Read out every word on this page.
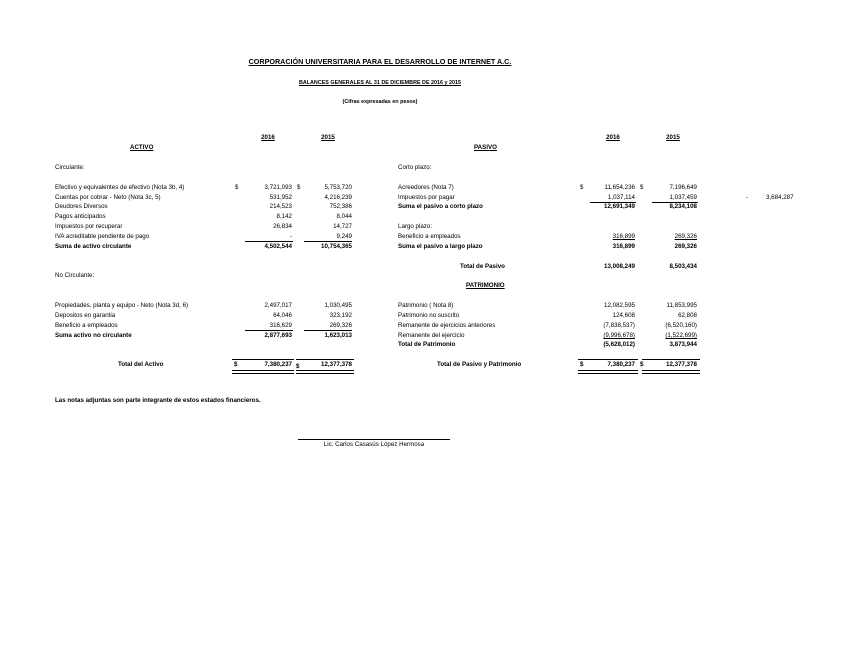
CORPORACIÓN UNIVERSITARIA PARA EL DESARROLLO DE INTERNET A.C.
BALANCES GENERALES AL 31 DE DICIEMBRE DE 2016 y 2015
(Cifras expresadas en pesos)
2016	2015	2016	2015
ACTIVO	PASIVO
Circulante:
$	$
Efectivo y equivalentes de efectivo (Nota 3b, 4)	3,721,093	5,753,720
Cuentas por cobrar - Neto (Nota 3c, 5)	531,952	4,216,239
Deudores Diversos	214,523	752,386
Pagos anticipados	8,142	8,044
Impuestos por recuperar	26,834	14,727
IVA acreditable pendiente de pago	-	9,249
Suma de activo circulante	4,502,544	10,754,365
No Circulante:
Propiedades, planta y equipo - Neto (Nota 3d, 6)	2,497,017	1,030,495
Depositos en garantia	64,046	323,192
Beneficio a empleados	316,629	269,326
Suma activo no circulante	2,877,693	1,623,013
Total del Activo	$	7,380,237 $	12,377,378
Corto plazo:
$	$
Acreedores (Nota 7)	11,654,236	7,196,649
Impuestos por pagar	1,037,114	1,037,459	-	3,684,287
Suma el pasivo a corto plazo	12,691,349	8,234,108
Largo plazo:
Beneficio a empleados	316,899	269,326
Suma el pasivo a largo plazo	316,899	269,326
Total de Pasivo	13,008,249	8,503,434
PATRIMONIO
Patrimonio ( Nota 8)	12,082,595	11,853,995
Patrimonio no suscrito	124,608	62,808
Remanente de ejercicios anteriores	(7,838,537)	(6,520,160)
Remanente del ejercicio	(9,996,678)	(1,522,699)
Total de Patrimonio	(5,628,012)	3,873,944
Total de Pasivo y Patrimonio	$	7,380,237 $	12,377,378
Las notas adjuntas son parte integrante de estos estados financieros.
Lic. Carlos Casasús López Hermosa
